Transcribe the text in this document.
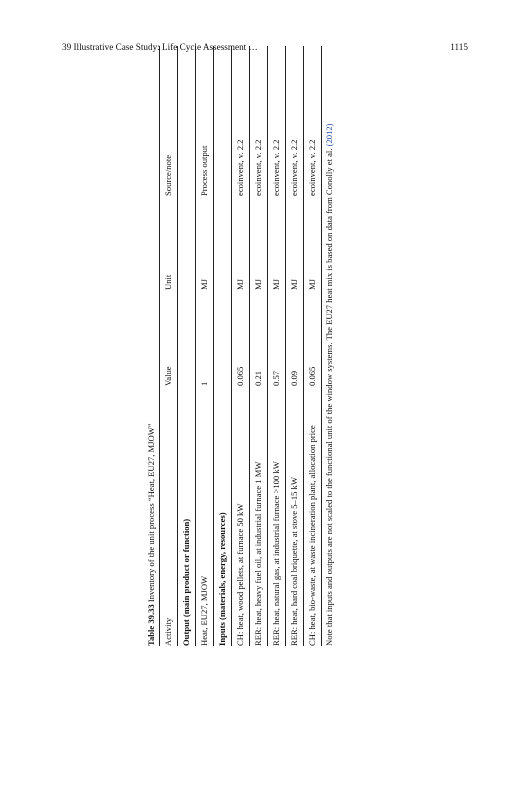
39 Illustrative Case Study: Life Cycle Assessment …	1115
Table 39.33 Inventory of the unit process “Heat, EU27, MJOW”
Activity
Value
Unit
Source/note
Output (main product or function) Heat, EU27, MJOW
1
MJ
Process output
Inputs (materials, energy, resources) CH: heat, wood pellets, at furnace 50 kW
0.065
MJ
ecoinvent, v. 2.2
RER: heat, heavy fuel oil, at industrial furnace 1 MW
0.21
MJ
ecoinvent, v. 2.2
RER: heat, natural gas, at industrial furnace >100 kW
0.57
MJ
ecoinvent, v. 2.2
RER: heat, hard coal briquette, at stove 5–15 kW
0.09
MJ
ecoinvent, v. 2.2
CH: heat, bio-waste, at waste incineration plant, allocation price
0.065
MJ
ecoinvent, v. 2.2 Note that inputs and outputs are not scaled to the functional unit of the window systems. The EU27 heat mix is based on data from Conolly et al. (2012)
